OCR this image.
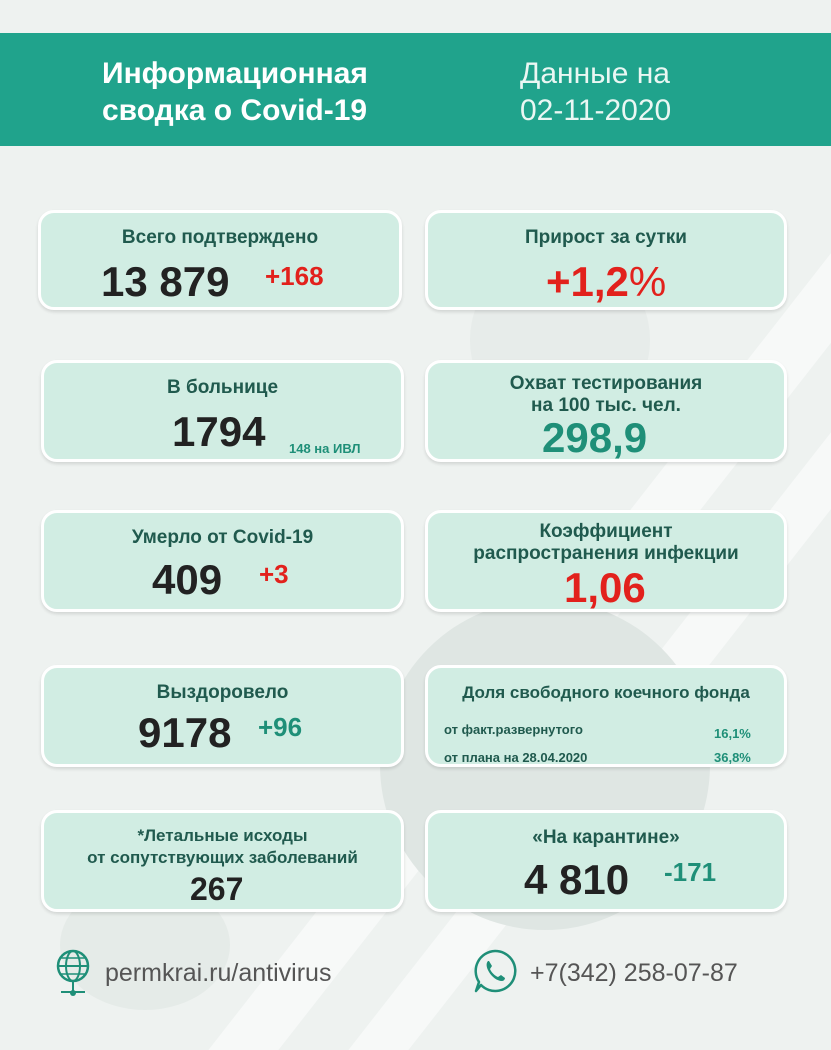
Информационная
сводка о Covid-19
Данные на
02-11-2020
Всего подтверждено
13 879 +168
Прирост за сутки
+1,2%
В больнице
1794 148 на ИВЛ
Охват тестирования
на 100 тыс. чел.
298,9
Умерло от Covid-19
409 +3
Коэффициент
распространения инфекции
1,06
Выздоровело
9178 +96
Доля свободного коечного фонда
от факт.развернутого	16,1%
от плана на 28.04.2020	36,8%
*Летальные исходы
от сопутствующих заболеваний
267
«На карантине»
4 810 -171
permkrai.ru/antivirus	+7(342) 258-07-87
